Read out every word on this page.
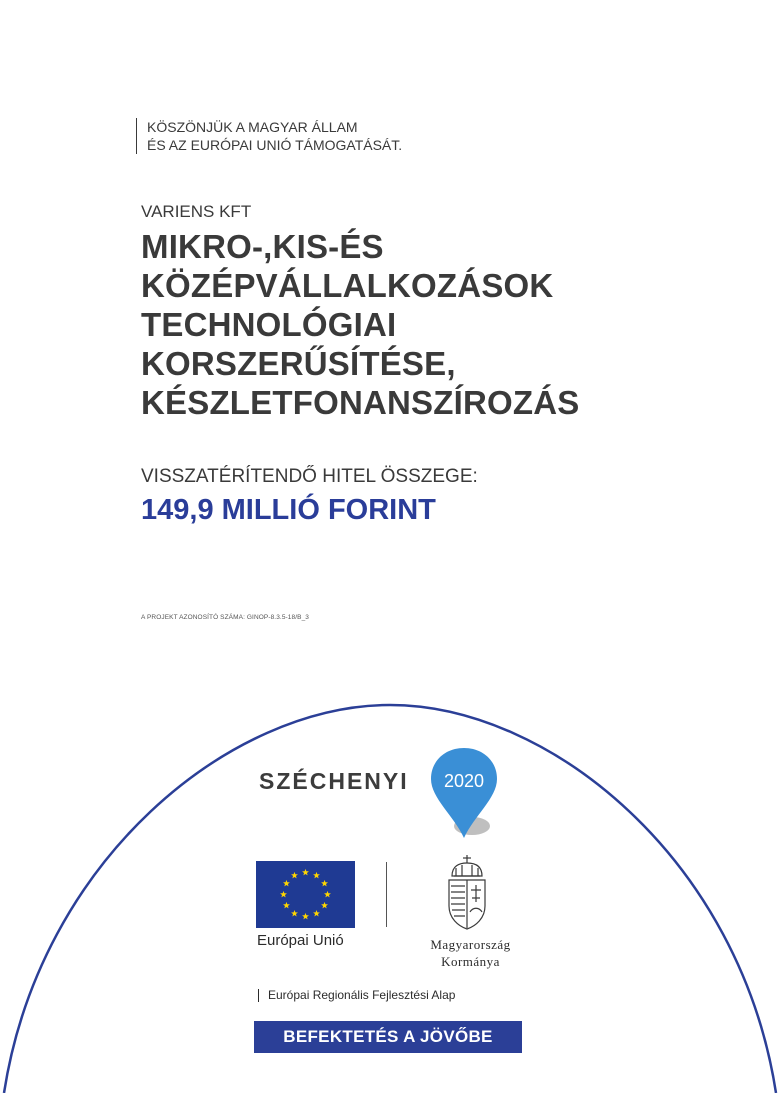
KÖSZÖNJÜK A MAGYAR ÁLLAM
ÉS AZ EURÓPAI UNIÓ TÁMOGATÁSÁT.
VARIENS KFT
MIKRO-,KIS-ÉS
KÖZÉPVÁLLALKOZÁSOK
TECHNOLÓGIAI
KORSZERŰSÍTÉSE,
KÉSZLETFONANSZÍROZÁS
VISSZATÉRÍTENDŐ HITEL ÖSSZEGE:
149,9 MILLIÓ FORINT
A PROJEKT AZONOSÍTÓ SZÁMA: GINOP-8.3.5-18/B_3
SZÉCHENYI 2020
Európai Unió	Magyarország
Kormánya
Európai Regionális Fejlesztési Alap
BEFEKTETÉS A JÖVŐBE
